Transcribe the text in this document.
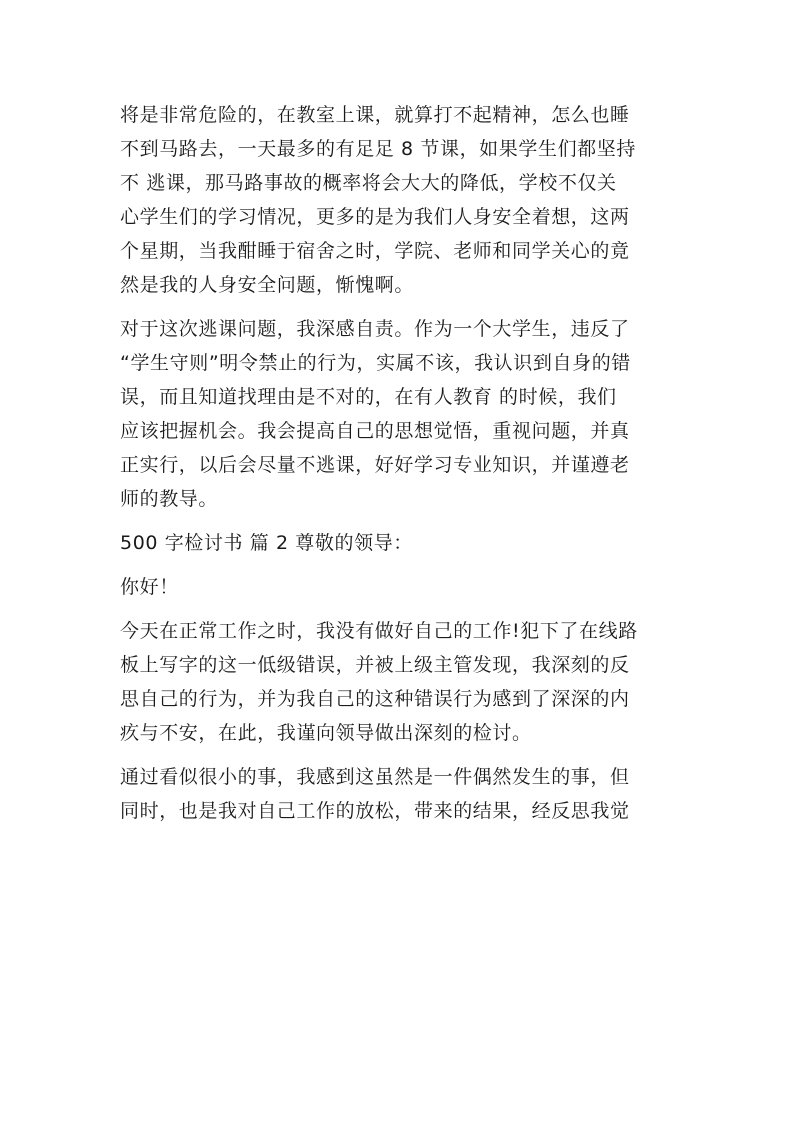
将是非常危险的，在教室上课，就算打不起精神，怎么也睡
不到马路去，一天最多的有足足 8 节课，如果学生们都坚持
不 逃课，那马路事故的概率将会大大的降低，学校不仅关
心学生们的学习情况，更多的是为我们人身安全着想，这两
个星期，当我酣睡于宿舍之时，学院、老师和同学关心的竟
然是我的人身安全问题，惭愧啊。
对于这次逃课问题，我深感自责。作为一个大学生，违反了
“学生守则”明令禁止的行为，实属不该，我认识到自身的错
误，而且知道找理由是不对的，在有人教育 的时候，我们
应该把握机会。我会提高自己的思想觉悟，重视问题，并真
正实行，以后会尽量不逃课，好好学习专业知识，并谨遵老
师的教导。
500 字检讨书 篇 2 尊敬的领导：
你好！
今天在正常工作之时，我没有做好自己的工作!犯下了在线路
板上写字的这一低级错误，并被上级主管发现，我深刻的反
思自己的行为，并为我自己的这种错误行为感到了深深的内
疚与不安，在此，我谨向领导做出深刻的检讨。
通过看似很小的事，我感到这虽然是一件偶然发生的事，但
同时，也是我对自己工作的放松，带来的结果，经反思我觉
